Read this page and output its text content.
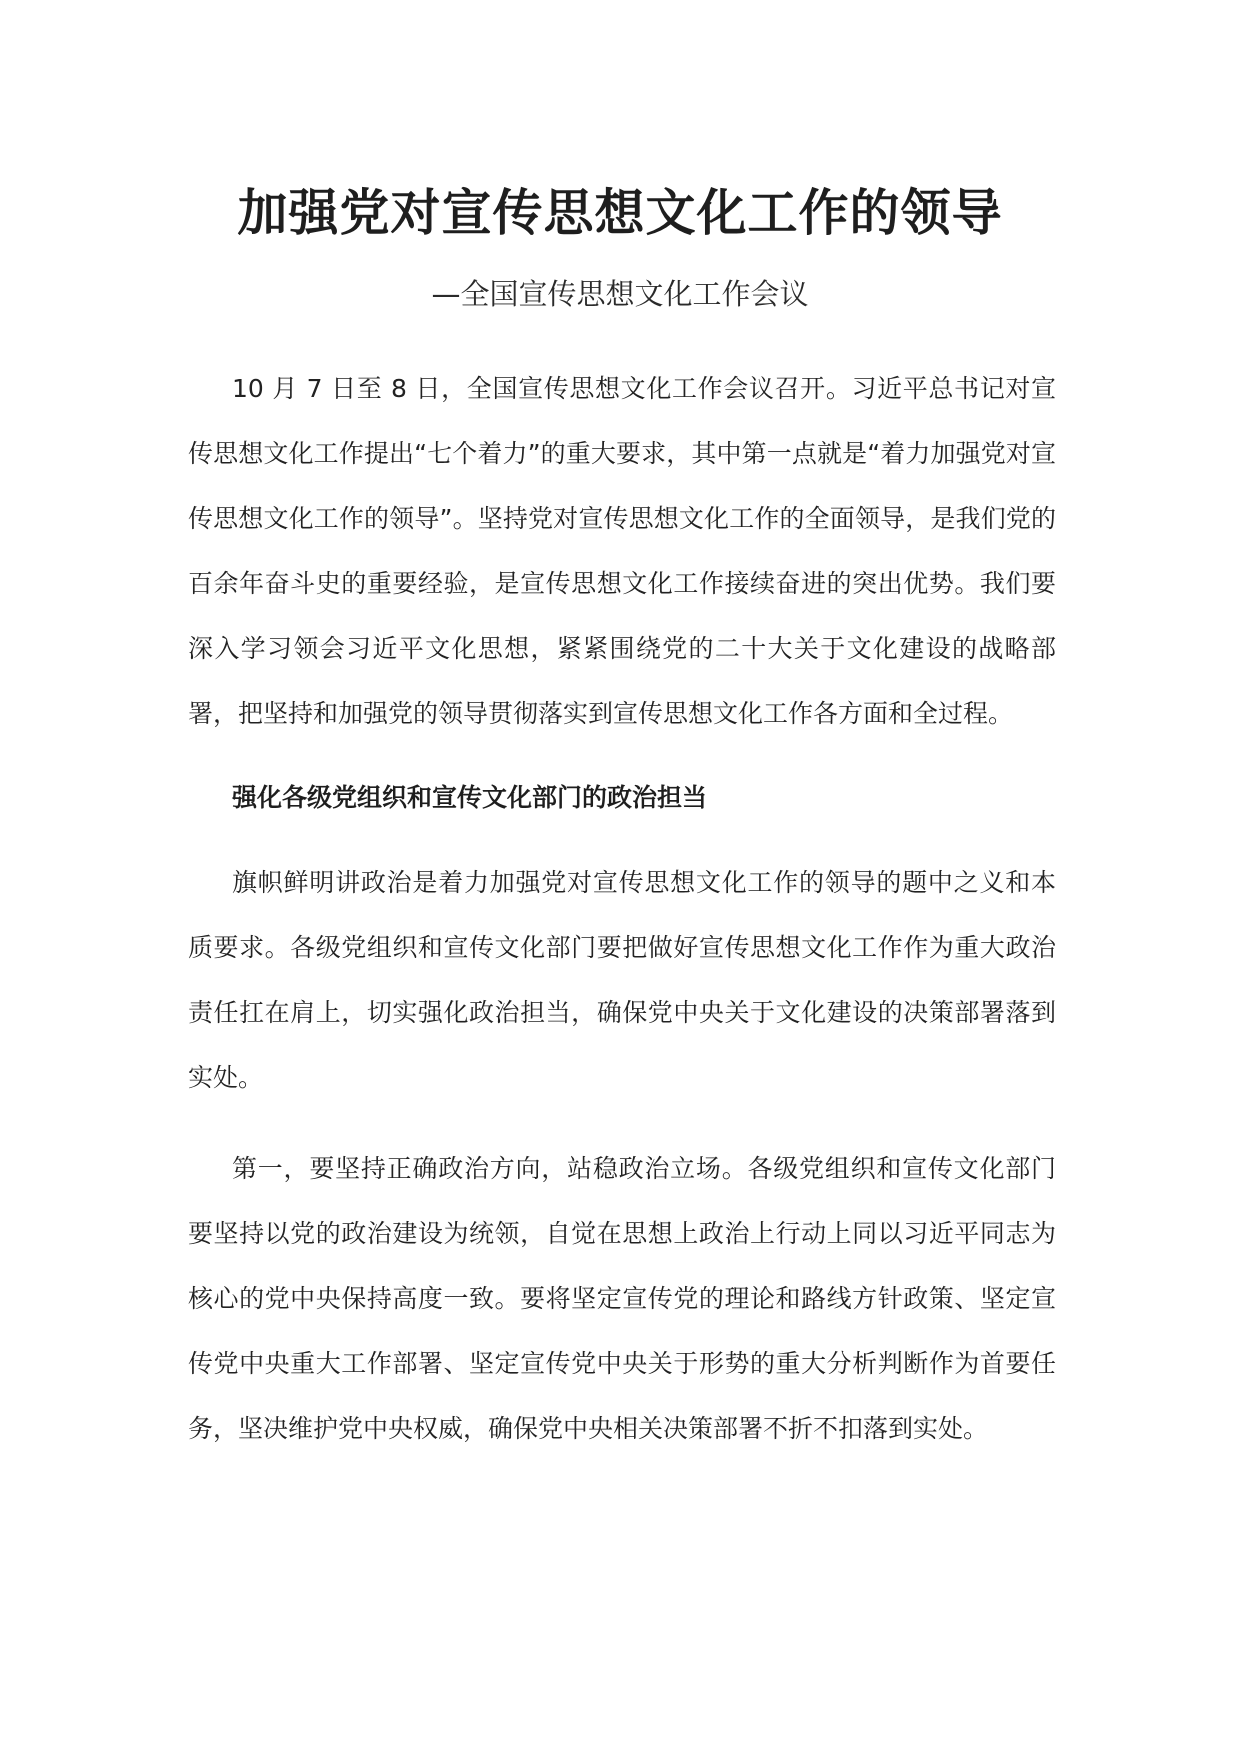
加强党对宣传思想文化工作的领导
—全国宣传思想文化工作会议

10 月 7 日至 8 日，全国宣传思想文化工作会议召开。习近平总书记对宣传思想文化工作提出“七个着力”的重大要求，其中第一点就是“着力加强党对宣传思想文化工作的领导”。坚持党对宣传思想文化工作的全面领导，是我们党的百余年奋斗史的重要经验，是宣传思想文化工作接续奋进的突出优势。我们要深入学习领会习近平文化思想，紧紧围绕党的二十大关于文化建设的战略部署，把坚持和加强党的领导贯彻落实到宣传思想文化工作各方面和全过程。

强化各级党组织和宣传文化部门的政治担当

旗帜鲜明讲政治是着力加强党对宣传思想文化工作的领导的题中之义和本质要求。各级党组织和宣传文化部门要把做好宣传思想文化工作作为重大政治责任扛在肩上，切实强化政治担当，确保党中央关于文化建设的决策部署落到实处。

第一，要坚持正确政治方向，站稳政治立场。各级党组织和宣传文化部门要坚持以党的政治建设为统领，自觉在思想上政治上行动上同以习近平同志为核心的党中央保持高度一致。要将坚定宣传党的理论和路线方针政策、坚定宣传党中央重大工作部署、坚定宣传党中央关于形势的重大分析判断作为首要任务，坚决维护党中央权威，确保党中央相关决策部署不折不扣落到实处。
